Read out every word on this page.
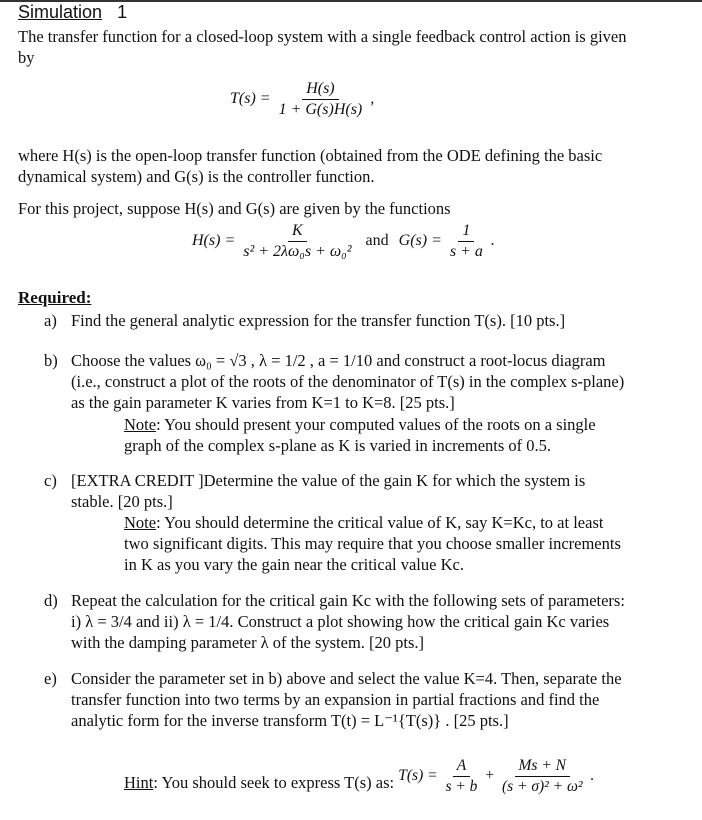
Simulation 1
The transfer function for a closed-loop system with a single feedback control action is given
by
$T(s) = \frac{H(s)}{1 + G(s)H(s)}$ ,
where H(s) is the open-loop transfer function (obtained from the ODE defining the basic
dynamical system) and G(s) is the controller function.
For this project, suppose H(s) and G(s) are given by the functions
$H(s) = \frac{K}{\text{s² + 2λω₀s + ω₀²}}$ and $G(s) = \frac{1}{s + a}$ .
Required:
a) Find the general analytic expression for the transfer function T(s). [10 pts.]
b) Choose the values ω₀ = √3 , λ = 1/2 , a = 1/10 and construct a root-locus diagram
(i.e., construct a plot of the roots of the denominator of T(s) in the complex s-plane)
as the gain parameter K varies from K=1 to K=8. [25 pts.]
Note: You should present your computed values of the roots on a single
graph of the complex s-plane as K is varied in increments of 0.5.
c) [EXTRA CREDIT ]Determine the value of the gain K for which the system is
stable. [20 pts.]
Note: You should determine the critical value of K, say K=Kc, to at least
two significant digits. This may require that you choose smaller increments
in K as you vary the gain near the critical value Kc.
d) Repeat the calculation for the critical gain Kc with the following sets of parameters:
i) λ = 3/4 and ii) λ = 1/4. Construct a plot showing how the critical gain Kc varies
with the damping parameter λ of the system. [20 pts.]
e) Consider the parameter set in b) above and select the value K=4. Then, separate the
transfer function into two terms by an expansion in partial fractions and find the
analytic form for the inverse transform T(t) = L⁻¹{T(s)} . [25 pts.]
Hint: You should seek to express T(s) as: $T(s) = \frac{A}{s + b} + \frac{Ms + N}{\text{(s + σ)² + ω²}}$ .
